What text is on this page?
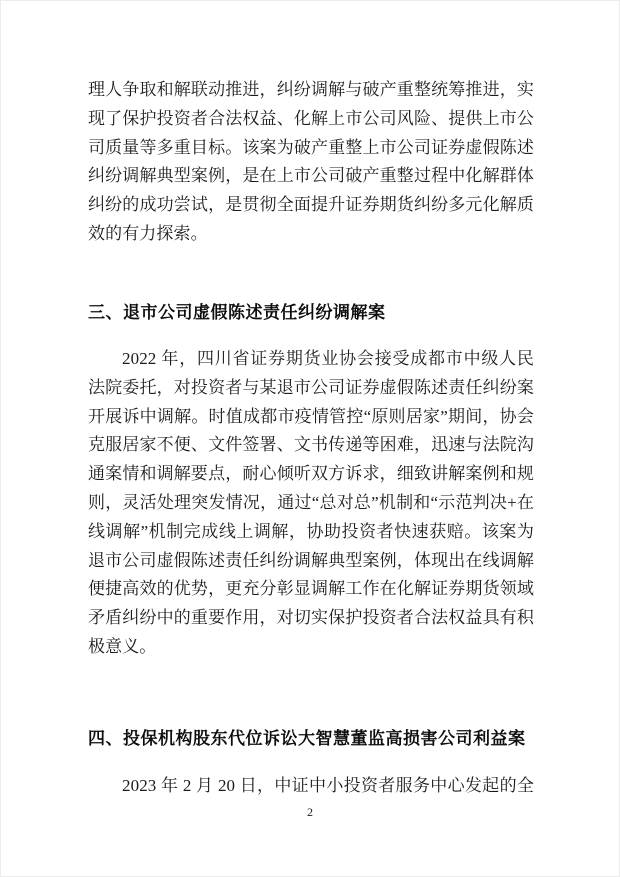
理人争取和解联动推进，纠纷调解与破产重整统筹推进，实现了保护投资者合法权益、化解上市公司风险、提供上市公司质量等多重目标。该案为破产重整上市公司证券虚假陈述纠纷调解典型案例，是在上市公司破产重整过程中化解群体纠纷的成功尝试，是贯彻全面提升证券期货纠纷多元化解质效的有力探索。
三、退市公司虚假陈述责任纠纷调解案
2022 年，四川省证券期货业协会接受成都市中级人民法院委托，对投资者与某退市公司证券虚假陈述责任纠纷案开展诉中调解。时值成都市疫情管控“原则居家”期间，协会克服居家不便、文件签署、文书传递等困难，迅速与法院沟通案情和调解要点，耐心倾听双方诉求，细致讲解案例和规则，灵活处理突发情况，通过“总对总”机制和“示范判决+在线调解”机制完成线上调解，协助投资者快速获赔。该案为退市公司虚假陈述责任纠纷调解典型案例，体现出在线调解便捷高效的优势，更充分彰显调解工作在化解证券期货领域矛盾纠纷中的重要作用，对切实保护投资者合法权益具有积极意义。
四、投保机构股东代位诉讼大智慧董监高损害公司利益案
2023 年 2 月 20 日，中证中小投资者服务中心发起的全
2
